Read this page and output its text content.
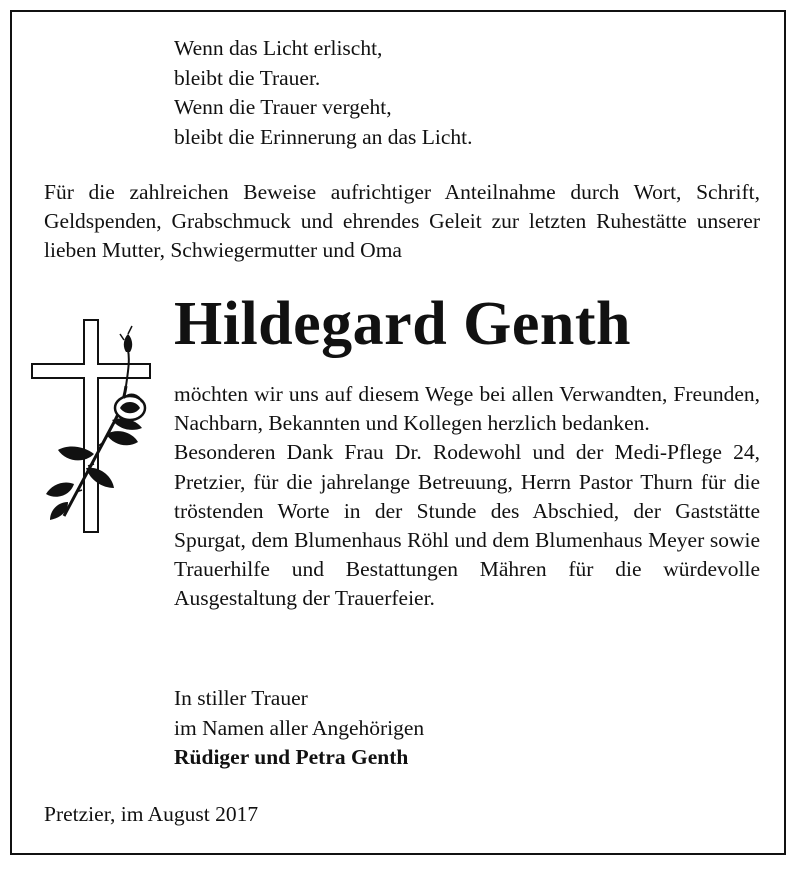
Wenn das Licht erlischt,
bleibt die Trauer.
Wenn die Trauer vergeht,
bleibt die Erinnerung an das Licht.
Für die zahlreichen Beweise aufrichtiger Anteilnahme durch Wort, Schrift, Geldspenden, Grabschmuck und ehrendes Geleit zur letzten Ruhestätte unserer lieben Mutter, Schwiegermutter und Oma
Hildegard Genth

möchten wir uns auf diesem Wege bei allen Verwandten, Freunden, Nachbarn, Bekannten und Kollegen herzlich bedanken.

Besonderen Dank Frau Dr. Rodewohl und der Medi-Pflege 24, Pretzier, für die jahrelange Betreuung, Herrn Pastor Thurn für die tröstenden Worte in der Stunde des Abschied, der Gaststätte Spurgat, dem Blumenhaus Röhl und dem Blumenhaus Meyer sowie Trauerhilfe und Bestattungen Mähren für die würdevolle Ausgestaltung der Trauerfeier.

In stiller Trauer
im Namen aller Angehörigen
Rüdiger und Petra Genth
Pretzier, im August 2017
